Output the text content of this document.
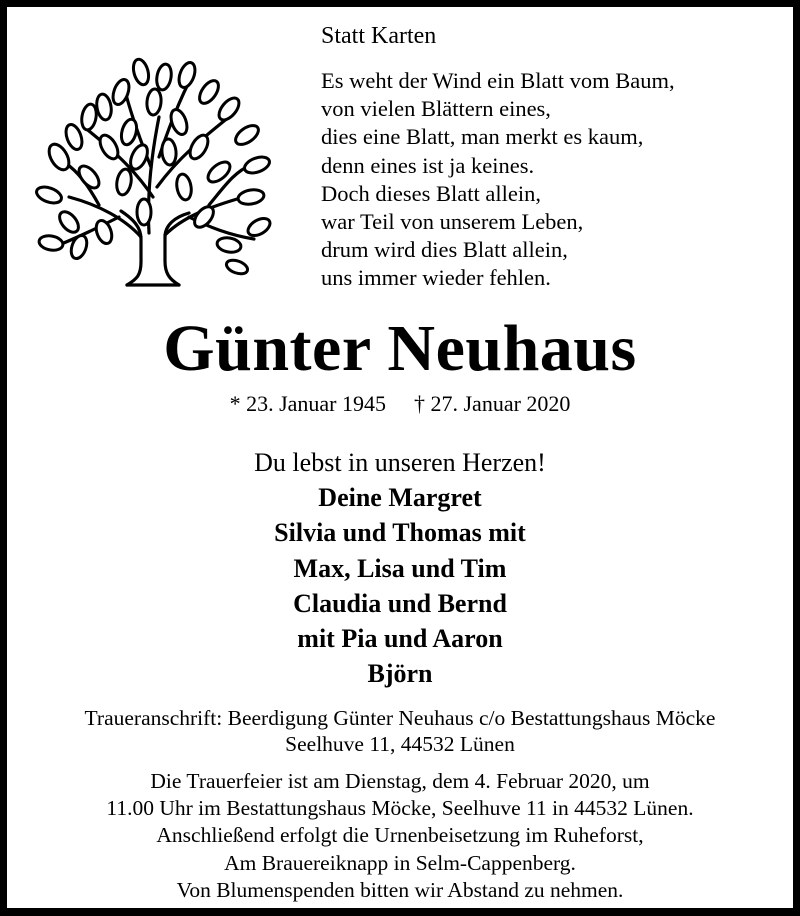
Statt Karten
Es weht der Wind ein Blatt vom Baum,
von vielen Blättern eines,
dies eine Blatt, man merkt es kaum,
denn eines ist ja keines.
Doch dieses Blatt allein,
war Teil von unserem Leben,
drum wird dies Blatt allein,
uns immer wieder fehlen.
Günter Neuhaus
* 23. Januar 1945 † 27. Januar 2020
Du lebst in unseren Herzen!
Deine Margret
Silvia und Thomas mit
Max, Lisa und Tim
Claudia und Bernd
mit Pia und Aaron
Björn
Traueranschrift: Beerdigung Günter Neuhaus c/o Bestattungshaus Möcke
Seelhuve 11, 44532 Lünen
Die Trauerfeier ist am Dienstag, dem 4. Februar 2020, um
11.00 Uhr im Bestattungshaus Möcke, Seelhuve 11 in 44532 Lünen.
Anschließend erfolgt die Urnenbeisetzung im Ruheforst,
Am Brauereiknapp in Selm-Cappenberg.
Von Blumenspenden bitten wir Abstand zu nehmen.
